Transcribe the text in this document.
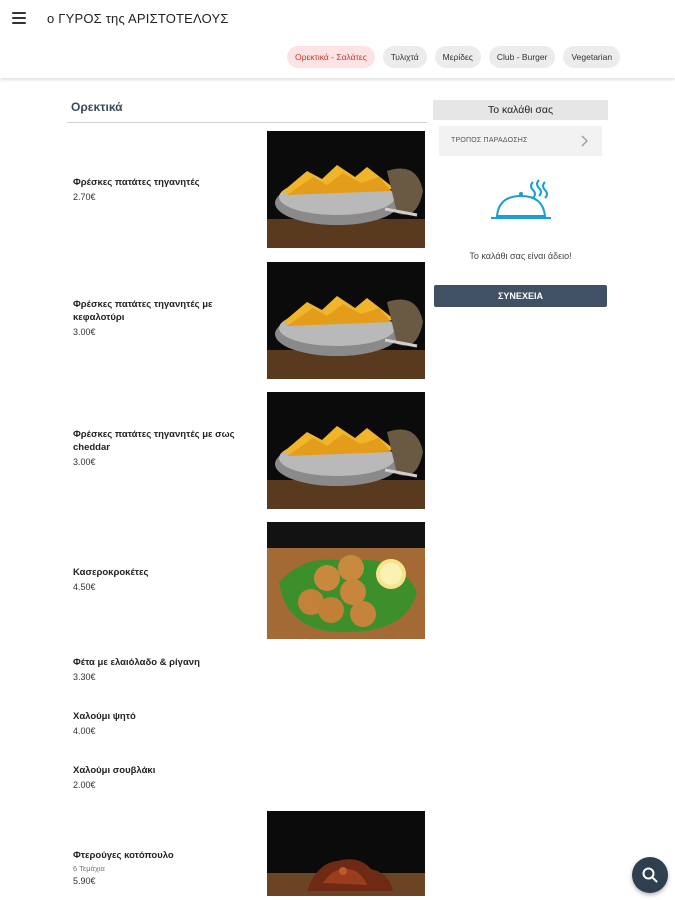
ο ΓΥΡΟΣ της ΑΡΙΣΤΟΤΕΛΟΥΣ
Ορεκτικά - Σαλάτες	Τυλιχτά	Μερίδες	Club - Burger	Vegetarian
Ορεκτικά
Φρέσκες πατάτες τηγανητές
2.70€
Φρέσκες πατάτες τηγανητές με κεφαλοτύρι
3.00€
Φρέσκες πατάτες τηγανητές με σως cheddar
3.00€
Κασεροκροκέτες
4.50€
Φέτα με ελαιόλαδο & ρίγανη
3.30€
Χαλούμι ψητό
4.00€
Χαλούμι σουβλάκι
2.00€
Φτερούγες κοτόπουλο
6 Τεμάχια
5.90€
Το καλάθι σας
ΤΡΟΠΟΣ ΠΑΡΑΔΟΣΗΣ
Το καλάθι σας είναι άδειο!
ΣΥΝΕΧΕΙΑ
